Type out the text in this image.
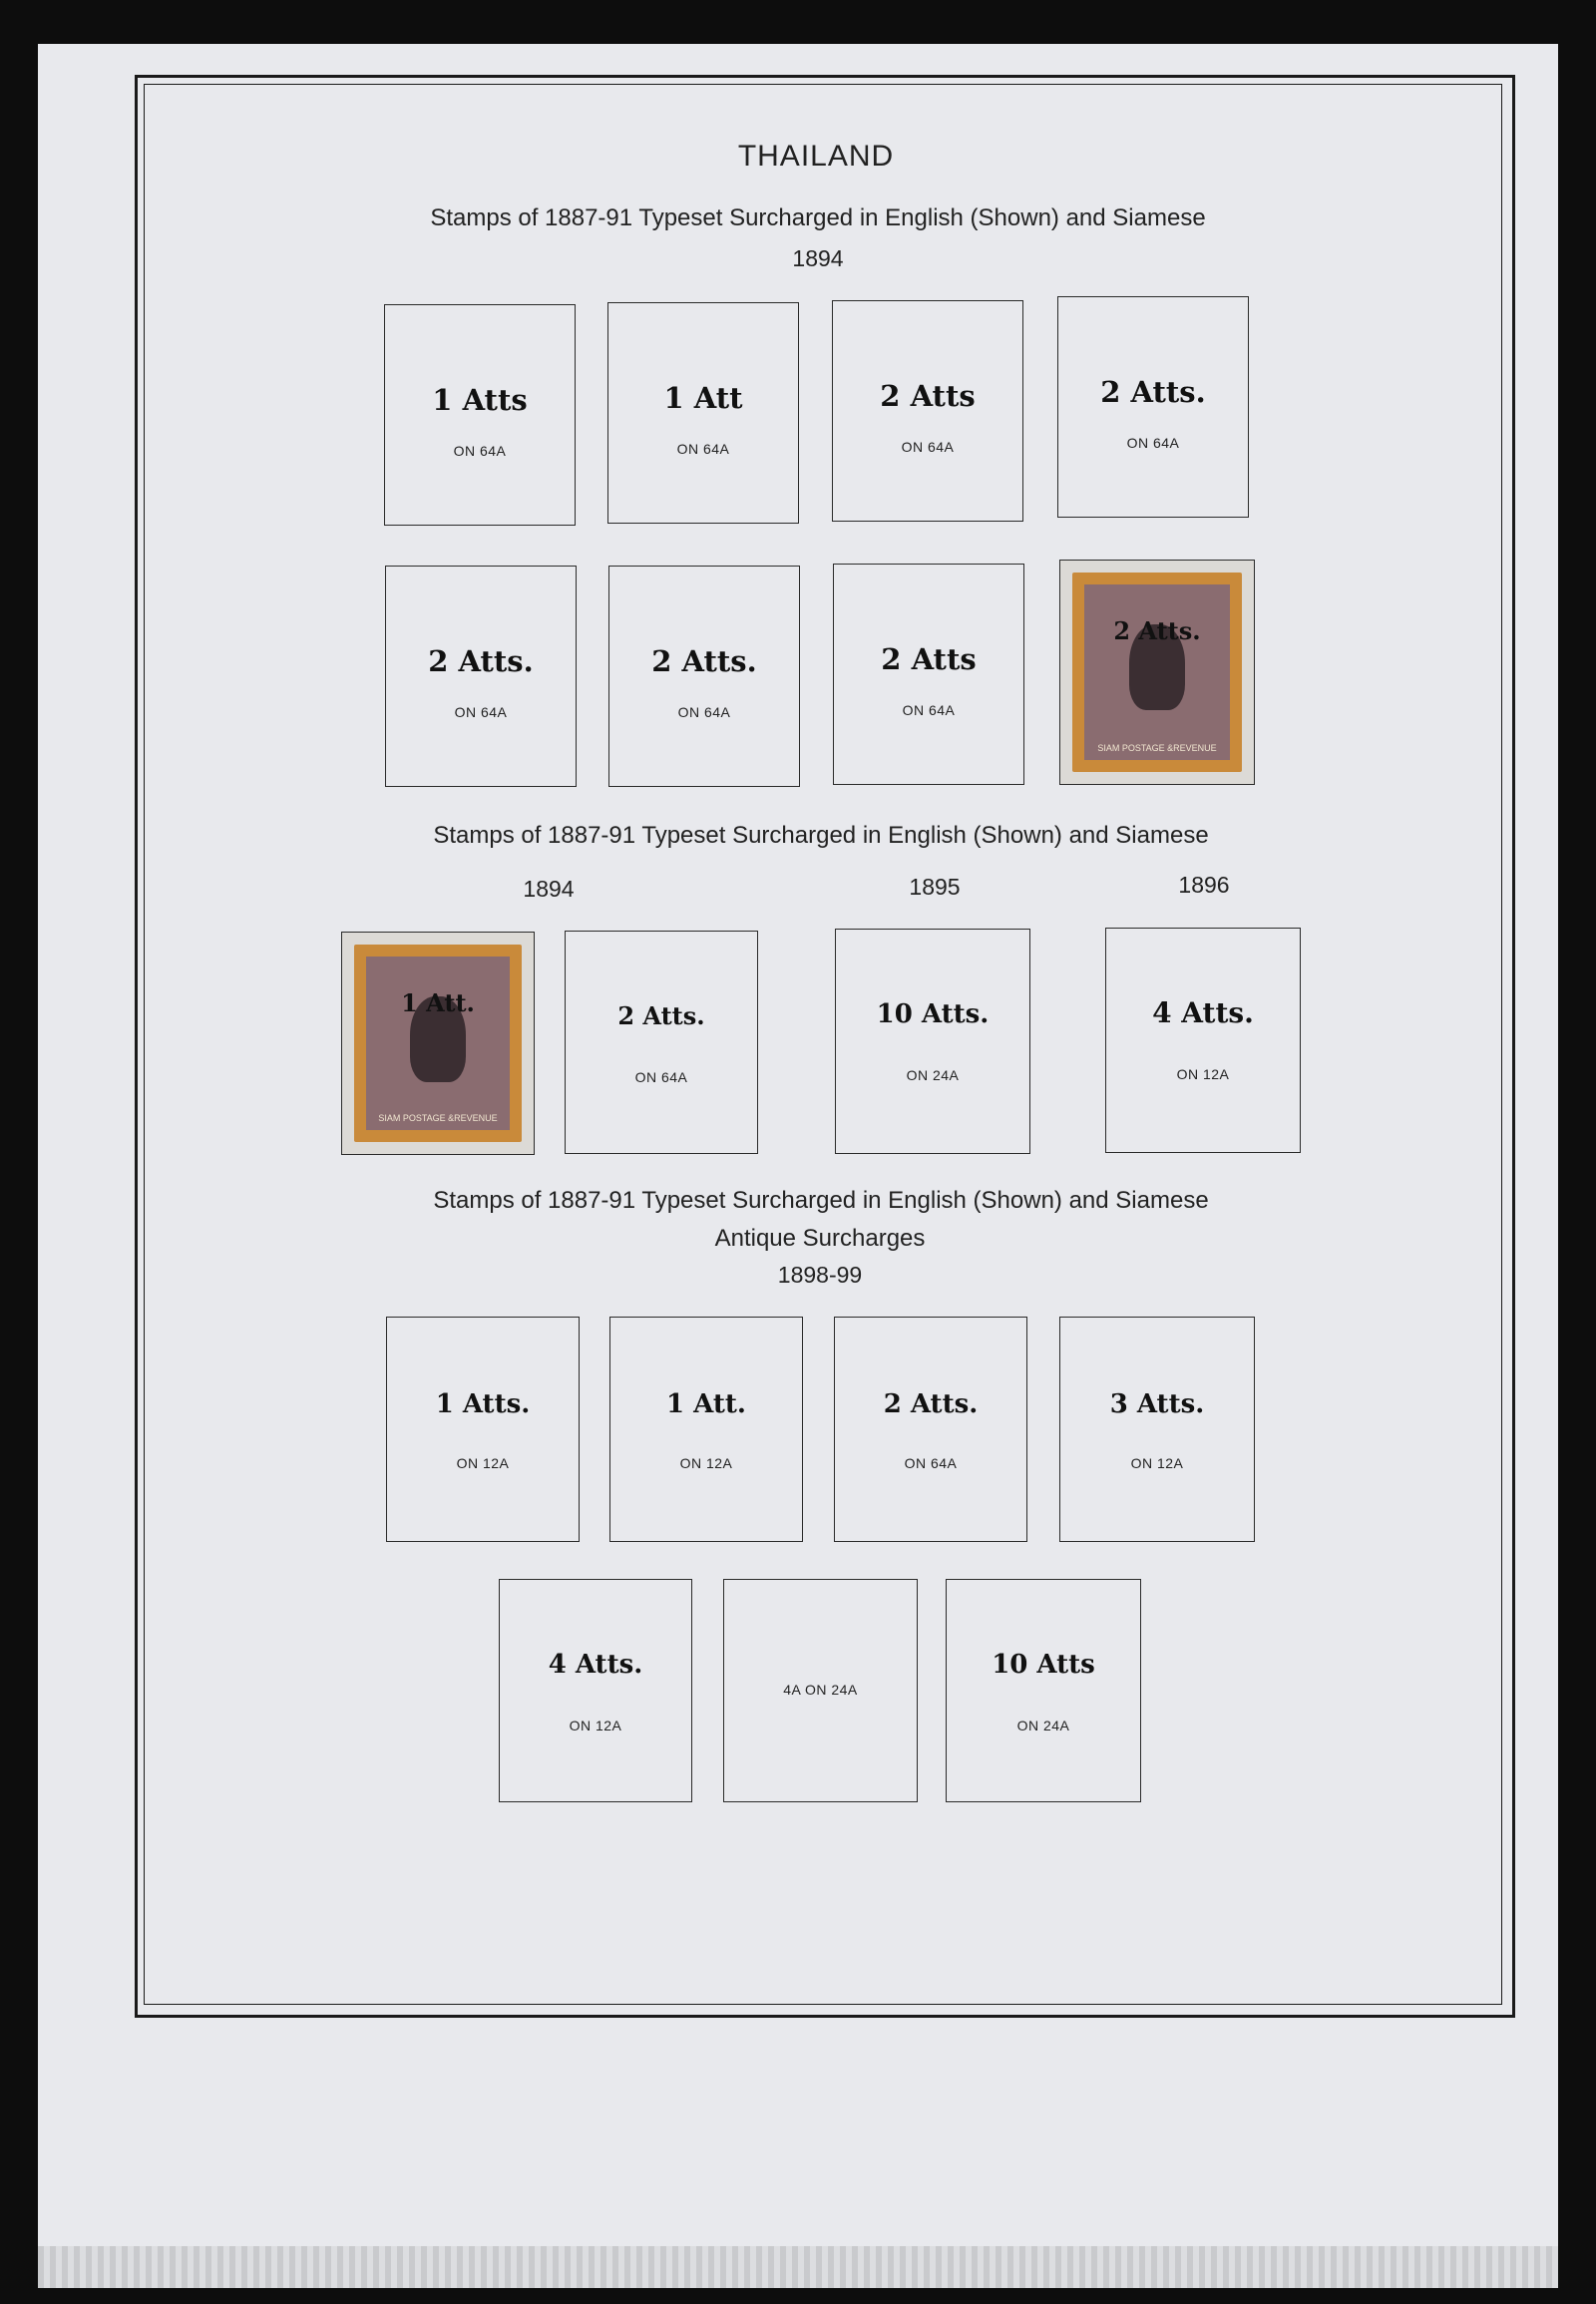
THAILAND
Stamps of 1887-91 Typeset Surcharged in English (Shown) and Siamese
1894
1 Atts
ON 64A
1 Att
ON 64A
2 Atts
ON 64A
2 Atts.
ON 64A
2 Atts.
ON 64A
2 Atts.
ON 64A
2 Atts
ON 64A
2 Atts.
SIAM POSTAGE &REVENUE
Stamps of 1887-91 Typeset Surcharged in English (Shown) and Siamese
1894	1895	1896
1 Att.
SIAM POSTAGE &REVENUE
2 Atts.
ON 64A
10 Atts.
ON 24A
4 Atts.
ON 12A
Stamps of 1887-91 Typeset Surcharged in English (Shown) and Siamese
Antique Surcharges
1898-99
1 Atts.
ON 12A
1 Att.
ON 12A
2 Atts.
ON 64A
3 Atts.
ON 12A
4 Atts.
ON 12A
4A ON 24A
10 Atts
ON 24A
